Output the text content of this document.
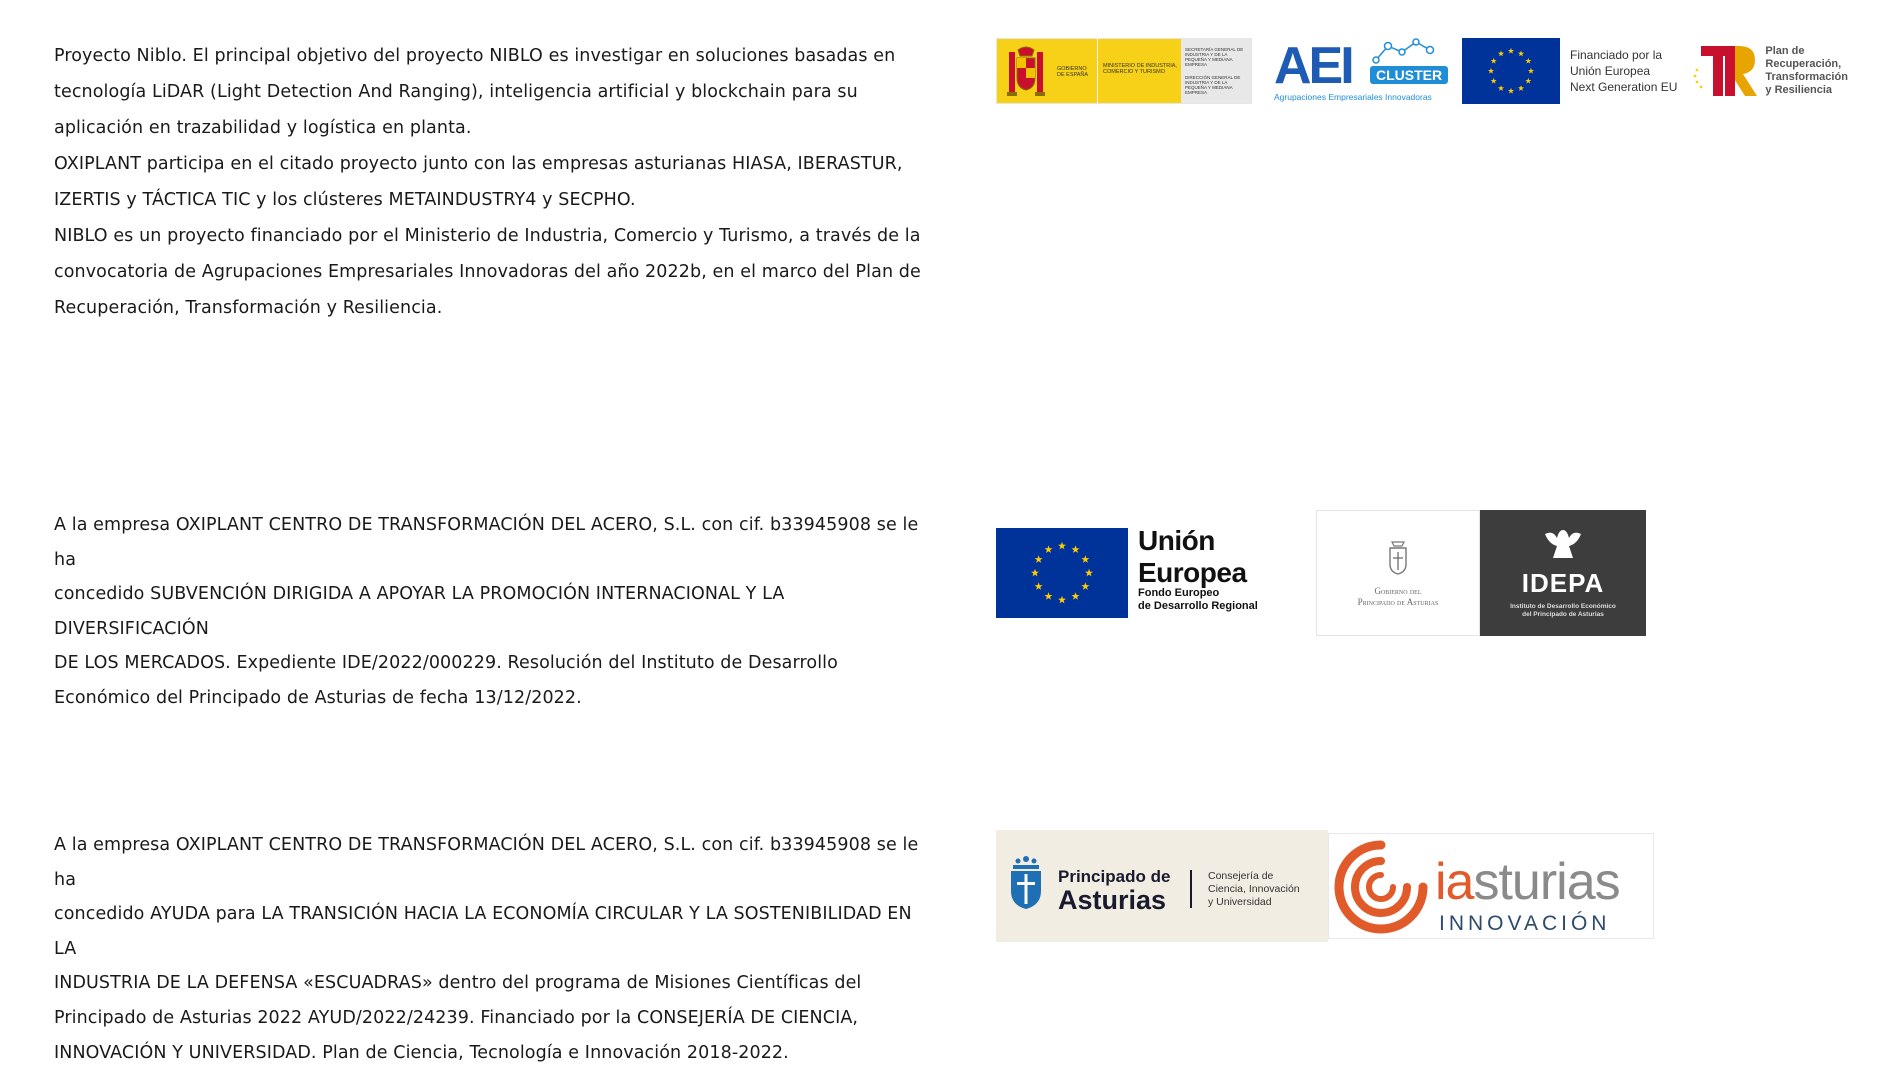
Proyecto Niblo. El principal objetivo del proyecto NIBLO es investigar en soluciones basadas en
tecnología LiDAR (Light Detection And Ranging), inteligencia artificial y blockchain para su
aplicación en trazabilidad y logística en planta.
OXIPLANT participa en el citado proyecto junto con las empresas asturianas HIASA, IBERASTUR,
IZERTIS y TÁCTICA TIC y los clústeres METAINDUSTRY4 y SECPHO.
NIBLO es un proyecto financiado por el Ministerio de Industria, Comercio y Turismo, a través de la
convocatoria de Agrupaciones Empresariales Innovadoras del año 2022b, en el marco del Plan de
Recuperación, Transformación y Resiliencia.
GOBIERNO DE ESPAÑA
MINISTERIO DE INDUSTRIA, COMERCIO Y TURISMO
SECRETARÍA GENERAL DE INDUSTRIA Y DE LA PEQUEÑA Y MEDIANA EMPRESA
DIRECCIÓN GENERAL DE INDUSTRIA Y DE LA PEQUEÑA Y MEDIANA EMPRESA	AEI	CLUSTER
Agrupaciones Empresariales Innovadoras
Financiado por la
Unión Europea
Next Generation EU
Plan de
Recuperación,
Transformación
y Resiliencia
A la empresa OXIPLANT CENTRO DE TRANSFORMACIÓN DEL ACERO, S.L. con cif. b33945908 se le ha
concedido SUBVENCIÓN DIRIGIDA A APOYAR LA PROMOCIÓN INTERNACIONAL Y LA DIVERSIFICACIÓN
DE LOS MERCADOS. Expediente IDE/2022/000229. Resolución del Instituto de Desarrollo
Económico del Principado de Asturias de fecha 13/12/2022.
Unión Europea
Fondo Europeo
de Desarrollo Regional
Gobierno del
Principado de Asturias
IDEPA
Instituto de Desarrollo Económico
del Principado de Asturias
A la empresa OXIPLANT CENTRO DE TRANSFORMACIÓN DEL ACERO, S.L. con cif. b33945908 se le ha
concedido AYUDA para LA TRANSICIÓN HACIA LA ECONOMÍA CIRCULAR Y LA SOSTENIBILIDAD EN LA
INDUSTRIA DE LA DEFENSA «ESCUADRAS» dentro del programa de Misiones Científicas del
Principado de Asturias 2022 AYUD/2022/24239. Financiado por la CONSEJERÍA DE CIENCIA,
INNOVACIÓN Y UNIVERSIDAD. Plan de Ciencia, Tecnología e Innovación 2018-2022.
Principado de
Asturias
Consejería de
Ciencia, Innovación
y Universidad	iasturias
INNOVACIÓN
